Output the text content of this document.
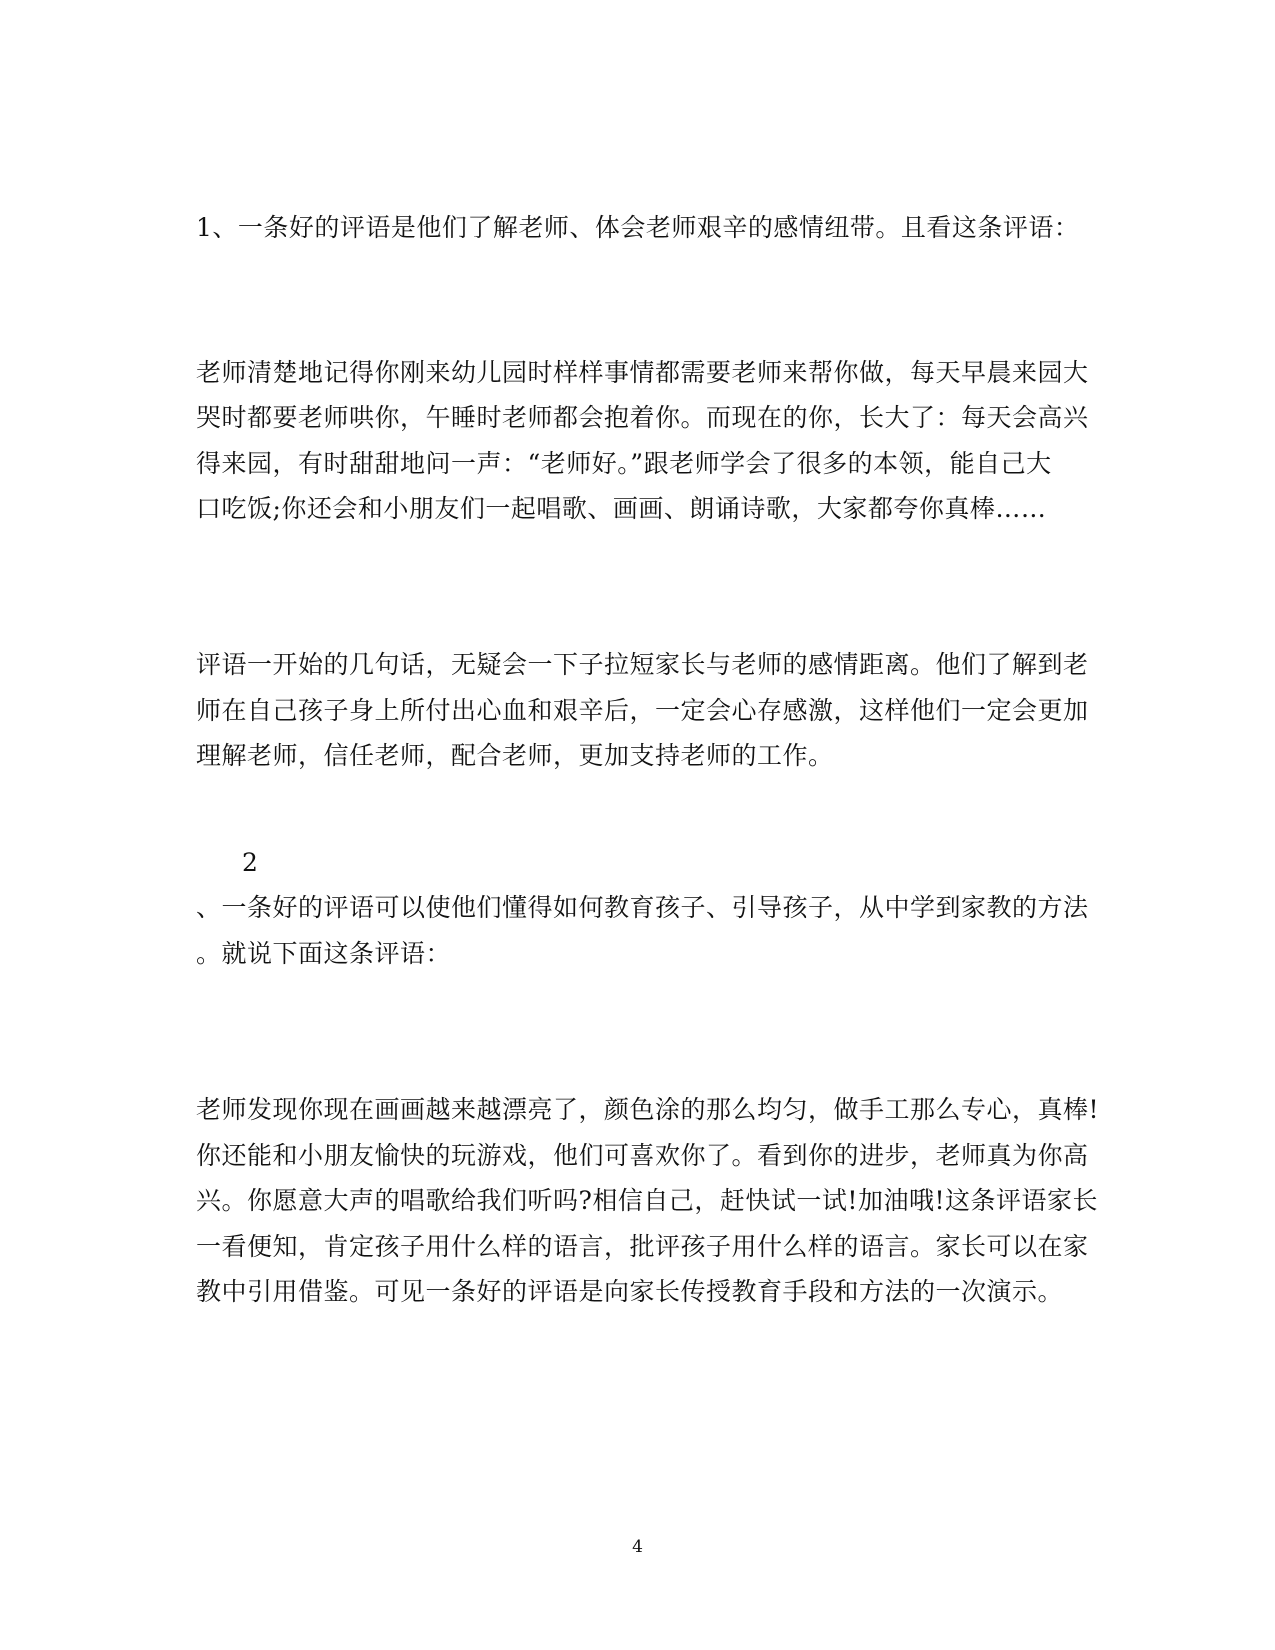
1、一条好的评语是他们了解老师、体会老师艰辛的感情纽带。且看这条评语：
老师清楚地记得你刚来幼儿园时样样事情都需要老师来帮你做，每天早晨来园大
哭时都要老师哄你，午睡时老师都会抱着你。而现在的你，长大了：每天会高兴
得来园，有时甜甜地问一声：“老师好。”跟老师学会了很多的本领，能自己大
口吃饭;你还会和小朋友们一起唱歌、画画、朗诵诗歌，大家都夸你真棒……
评语一开始的几句话，无疑会一下子拉短家长与老师的感情距离。他们了解到老
师在自己孩子身上所付出心血和艰辛后，一定会心存感激，这样他们一定会更加
理解老师，信任老师，配合老师，更加支持老师的工作。
2
、一条好的评语可以使他们懂得如何教育孩子、引导孩子，从中学到家教的方法
。就说下面这条评语：
老师发现你现在画画越来越漂亮了，颜色涂的那么均匀，做手工那么专心，真棒!
你还能和小朋友愉快的玩游戏，他们可喜欢你了。看到你的进步，老师真为你高
兴。你愿意大声的唱歌给我们听吗?相信自己，赶快试一试!加油哦!这条评语家长
一看便知，肯定孩子用什么样的语言，批评孩子用什么样的语言。家长可以在家
教中引用借鉴。可见一条好的评语是向家长传授教育手段和方法的一次演示。
4
